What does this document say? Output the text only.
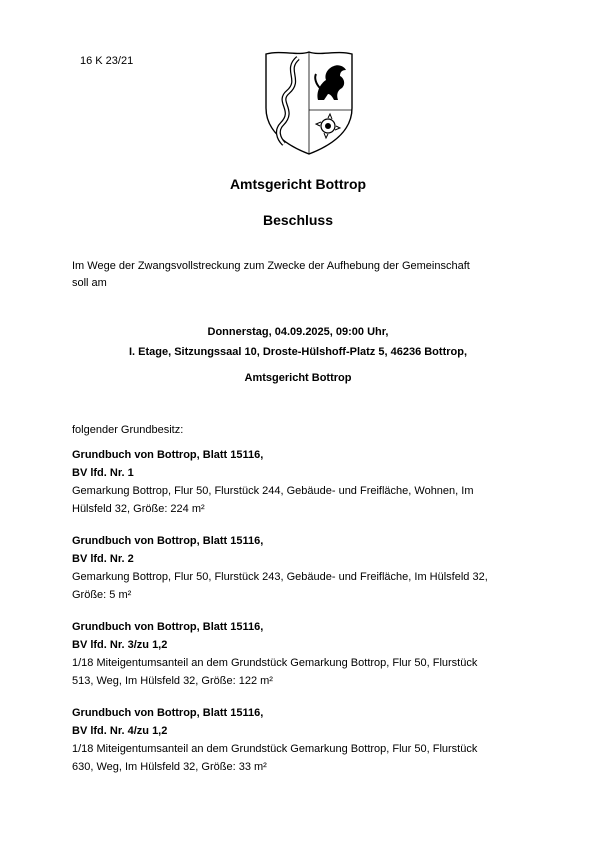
16 K 23/21
Amtsgericht Bottrop
Beschluss
Im Wege der Zwangsvollstreckung zum Zwecke der Aufhebung der Gemeinschaft
soll am
Donnerstag, 04.09.2025, 09:00 Uhr,
I. Etage, Sitzungssaal 10, Droste-Hülshoff-Platz 5, 46236 Bottrop,
Amtsgericht Bottrop
folgender Grundbesitz:
Grundbuch von Bottrop, Blatt 15116,
BV lfd. Nr. 1
Gemarkung Bottrop, Flur 50, Flurstück 244, Gebäude- und Freifläche, Wohnen, Im
Hülsfeld 32, Größe: 224 m²
Grundbuch von Bottrop, Blatt 15116,
BV lfd. Nr. 2
Gemarkung Bottrop, Flur 50, Flurstück 243, Gebäude- und Freifläche, Im Hülsfeld 32,
Größe: 5 m²
Grundbuch von Bottrop, Blatt 15116,
BV lfd. Nr. 3/zu 1,2
1/18 Miteigentumsanteil an dem Grundstück Gemarkung Bottrop, Flur 50, Flurstück
513, Weg, Im Hülsfeld 32, Größe: 122 m²
Grundbuch von Bottrop, Blatt 15116,
BV lfd. Nr. 4/zu 1,2
1/18 Miteigentumsanteil an dem Grundstück Gemarkung Bottrop, Flur 50, Flurstück
630, Weg, Im Hülsfeld 32, Größe: 33 m²
